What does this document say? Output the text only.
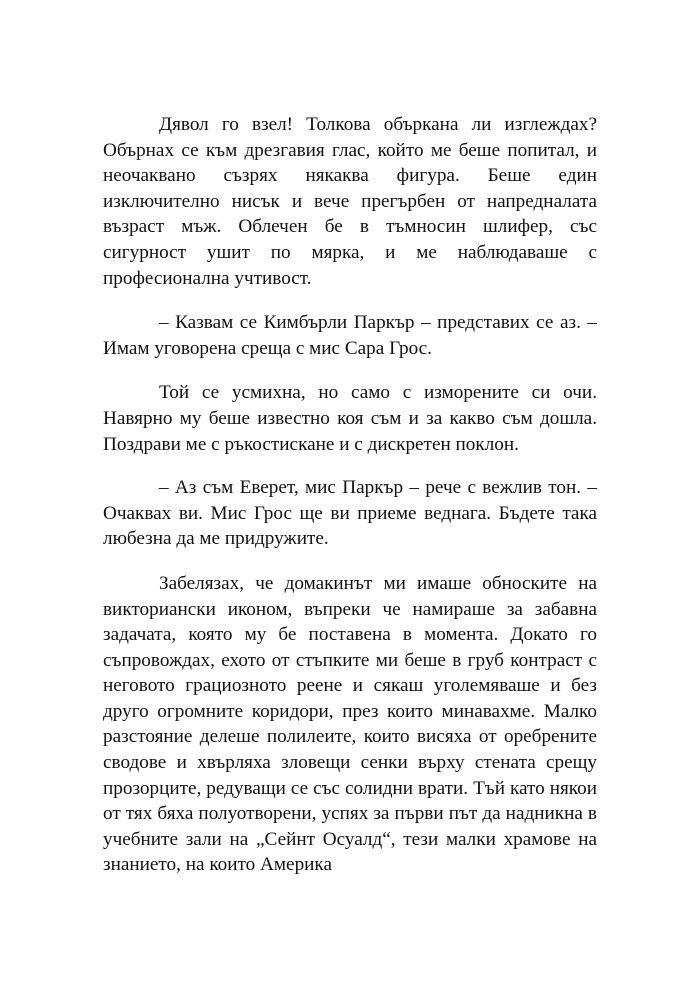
Дявол го взел! Толкова объркана ли изглеждах? Обърнах се към дрезгавия глас, който ме беше попитал, и неочаквано съзрях някаква фигура. Беше един изключително нисък и вече прегърбен от напредналата възраст мъж. Облечен бе в тъмносин шлифер, със сигурност ушит по мярка, и ме наблюдаваше с професионална учтивост.

– Казвам се Кимбърли Паркър – представих се аз. – Имам уговорена среща с мис Сара Грос.

Той се усмихна, но само с изморените си очи. Навярно му беше известно коя съм и за какво съм дошла. Поздрави ме с ръкостискане и с дискретен поклон.

– Аз съм Еверет, мис Паркър – рече с вежлив тон. – Очаквах ви. Мис Грос ще ви приеме веднага. Бъдете така любезна да ме придружите.

Забелязах, че домакинът ми имаше обноските на викториански иконом, въпреки че намираше за забавна задачата, която му бе поставена в момента. Докато го съпровождах, ехото от стъпките ми беше в груб контраст с неговото грациозното реене и сякаш уголемяваше и без друго огромните коридори, през които минавахме. Малко разстояние делеше полилеите, които висяха от оребрените сводове и хвърляха зловещи сенки върху стената срещу прозорците, редуващи се със солидни врати. Тъй като някои от тях бяха полуотворени, успях за първи път да надникна в учебните зали на „Сейнт Осуалд“, тези малки храмове на знанието, на които Америка
